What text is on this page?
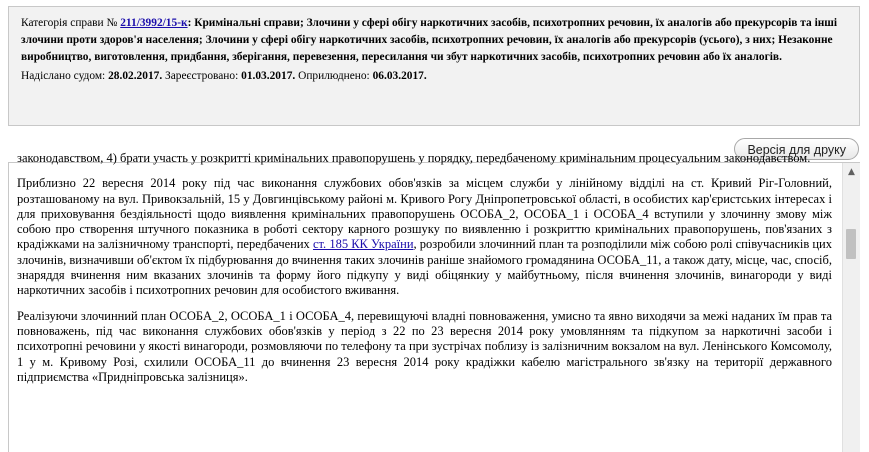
Категорія справи № 211/3992/15-к: Кримінальні справи; Злочини у сфері обігу наркотичних засобів, психотропних речовин, їх аналогів або прекурсорів та інші злочини проти здоров'я населення; Злочини у сфері обігу наркотичних засобів, психотропних речовин, їх аналогів або прекурсорів (усього), з них; Незаконне виробництво, виготовлення, придбання, зберігання, перевезення, пересилання чи збут наркотичних засобів, психотропних речовин або їх аналогів.
Надіслано судом: 28.02.2017. Зареєстровано: 01.03.2017. Оприлюднено: 06.03.2017.
Версія для друку

законодавством, 4) брати участь у розкритті кримінальних правопорушень у порядку, передбаченому кримінальним процесуальним законодавством.

Приблизно 22 вересня 2014 року під час виконання службових обов'язків за місцем служби у лінійному відділі на ст. Кривий Ріг-Головний, розташованому на вул. Привокзальній, 15 у Довгинцівському районі м. Кривого Рогу Дніпропетровської області, в особистих кар'єристських інтересах і для приховування бездіяльності щодо виявлення кримінальних правопорушень ОСОБА_2, ОСОБА_1 і ОСОБА_4 вступили у злочинну змову між собою про створення штучного показника в роботі сектору карного розшуку по виявленню і розкриттю кримінальних правопорушень, пов'язаних з крадіжками на залізничному транспорті, передбачених ст. 185 КК України, розробили злочинний план та розподілили між собою ролі співучасників цих злочинів, визначивши об'єктом їх підбурювання до вчинення таких злочинів раніше знайомого громадянина ОСОБА_11, а також дату, місце, час, спосіб, знаряддя вчинення ним вказаних злочинів та форму його підкупу у виді обіцянкиу у майбутньому, після вчинення злочинів, винагороди у виді наркотичних засобів і психотропних речовин для особистого вживання.

Реалізуючи злочинний план ОСОБА_2, ОСОБА_1 і ОСОБА_4, перевищуючі владні повноваження, умисно та явно виходячи за межі наданих їм прав та повноважень, під час виконання службових обов'язків у період з 22 по 23 вересня 2014 року умовлянням та підкупом за наркотичні засоби і психотропні речовини у якості винагороди, розмовляючи по телефону та при зустрічах поблизу із залізничним вокзалом на вул. Ленінського Комсомолу, 1 у м. Кривому Розі, схилили ОСОБА_11 до вчинення 23 вересня 2014 року крадіжки кабелю магістрального зв'язку на території державного підприємства «Придніпровська залізниця».

▲
